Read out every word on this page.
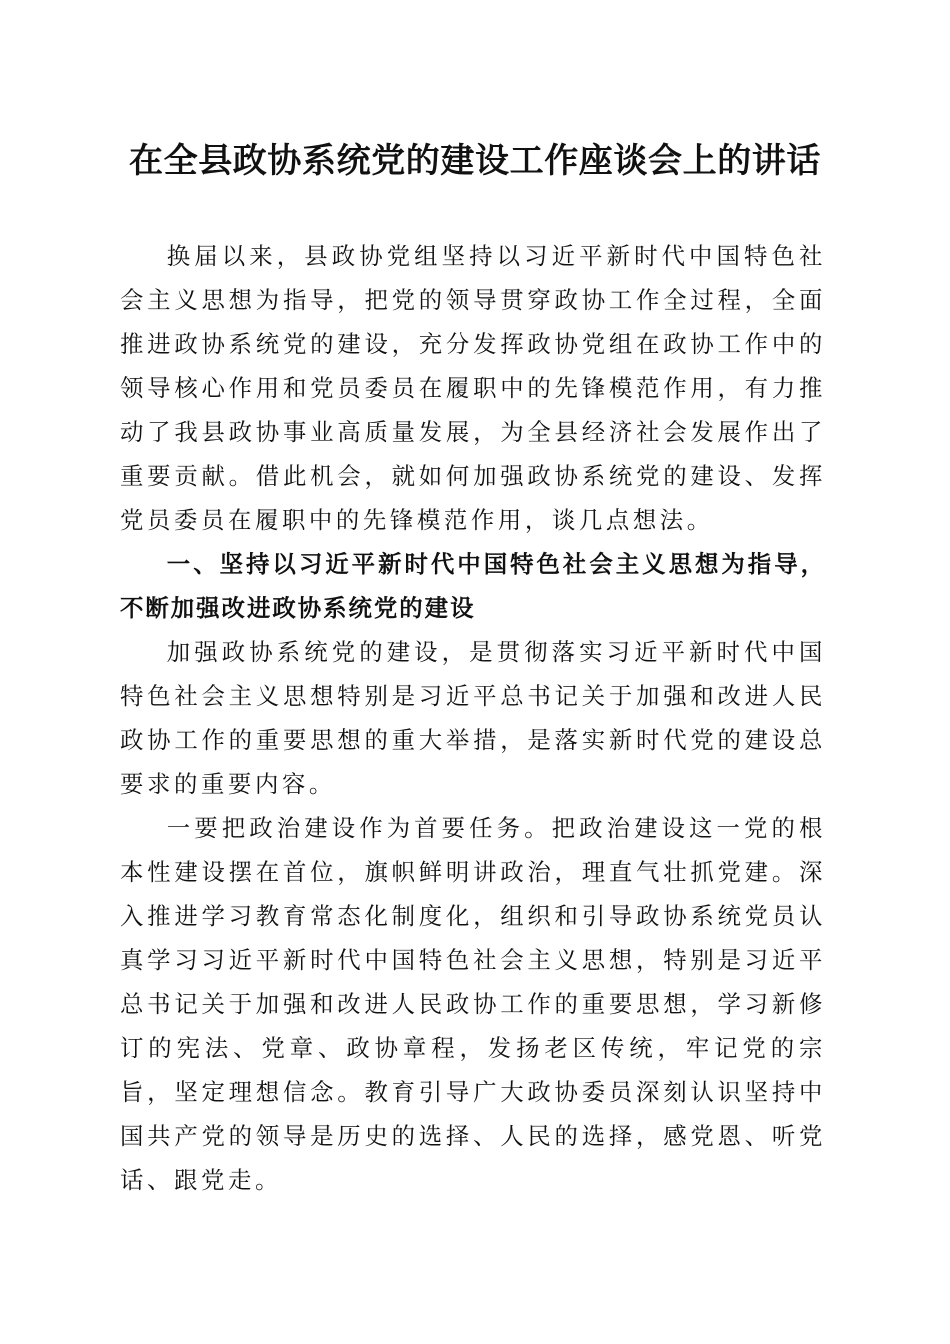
在全县政协系统党的建设工作座谈会上的讲话

换届以来，县政协党组坚持以习近平新时代中国特色社会主义思想为指导，把党的领导贯穿政协工作全过程，全面推进政协系统党的建设，充分发挥政协党组在政协工作中的领导核心作用和党员委员在履职中的先锋模范作用，有力推动了我县政协事业高质量发展，为全县经济社会发展作出了重要贡献。借此机会，就如何加强政协系统党的建设、发挥党员委员在履职中的先锋模范作用，谈几点想法。

一、坚持以习近平新时代中国特色社会主义思想为指导，不断加强改进政协系统党的建设

加强政协系统党的建设，是贯彻落实习近平新时代中国特色社会主义思想特别是习近平总书记关于加强和改进人民政协工作的重要思想的重大举措，是落实新时代党的建设总要求的重要内容。

一要把政治建设作为首要任务。把政治建设这一党的根本性建设摆在首位，旗帜鲜明讲政治，理直气壮抓党建。深入推进学习教育常态化制度化，组织和引导政协系统党员认真学习习近平新时代中国特色社会主义思想，特别是习近平总书记关于加强和改进人民政协工作的重要思想，学习新修订的宪法、党章、政协章程，发扬老区传统，牢记党的宗旨，坚定理想信念。教育引导广大政协委员深刻认识坚持中国共产党的领导是历史的选择、人民的选择，感党恩、听党话、跟党走。
